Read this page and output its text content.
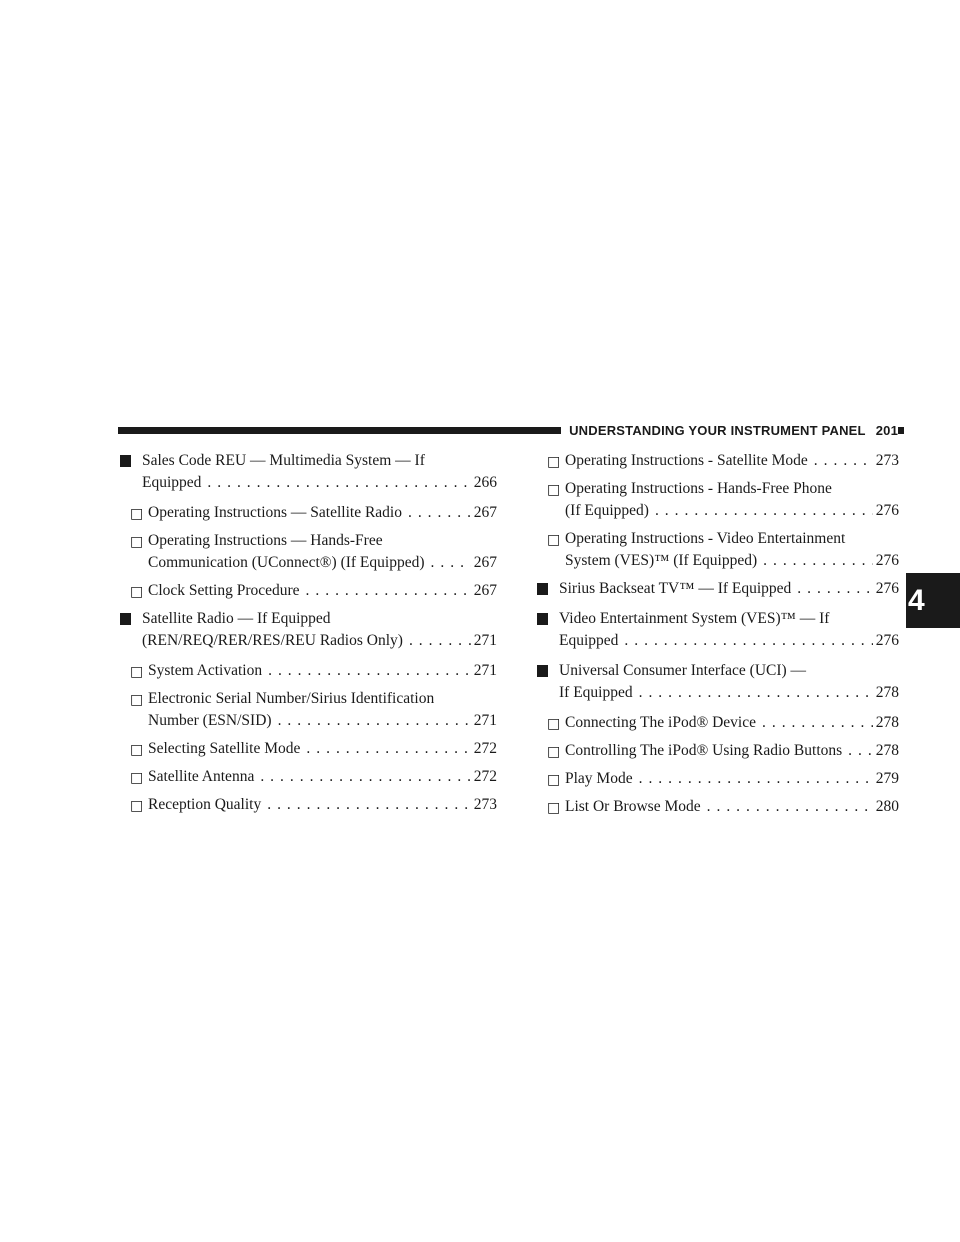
UNDERSTANDING YOUR INSTRUMENT PANEL 201
4
Sales Code REU — Multimedia System — If
Equipped . . .	266
□ Operating Instructions — Satellite Radio . . .	267
□ Operating Instructions — Hands-Free
Communication (UConnect®) (If Equipped) . . .	267
□ Clock Setting Procedure . . .	267
Satellite Radio — If Equipped
(REN/REQ/RER/RES/REU Radios Only) . . .	271
□ System Activation . . .	271
□ Electronic Serial Number/Sirius Identification
Number (ESN/SID) . . .	271
□ Selecting Satellite Mode . . .	272
□ Satellite Antenna . . .	272
□ Reception Quality . . .	273
□ Operating Instructions - Satellite Mode . . .	273
□ Operating Instructions - Hands-Free Phone
(If Equipped) . . .	276
□ Operating Instructions - Video Entertainment
System (VES)™ (If Equipped) . . .	276
Sirius Backseat TV™ — If Equipped . . .	276
Video Entertainment System (VES)™ — If
Equipped . . .	276
Universal Consumer Interface (UCI) —
If Equipped . . .	278
□ Connecting The iPod® Device . . .	278
□ Controlling The iPod® Using Radio Buttons . . . 278
□ Play Mode . . .	279
□ List Or Browse Mode . . .	280
